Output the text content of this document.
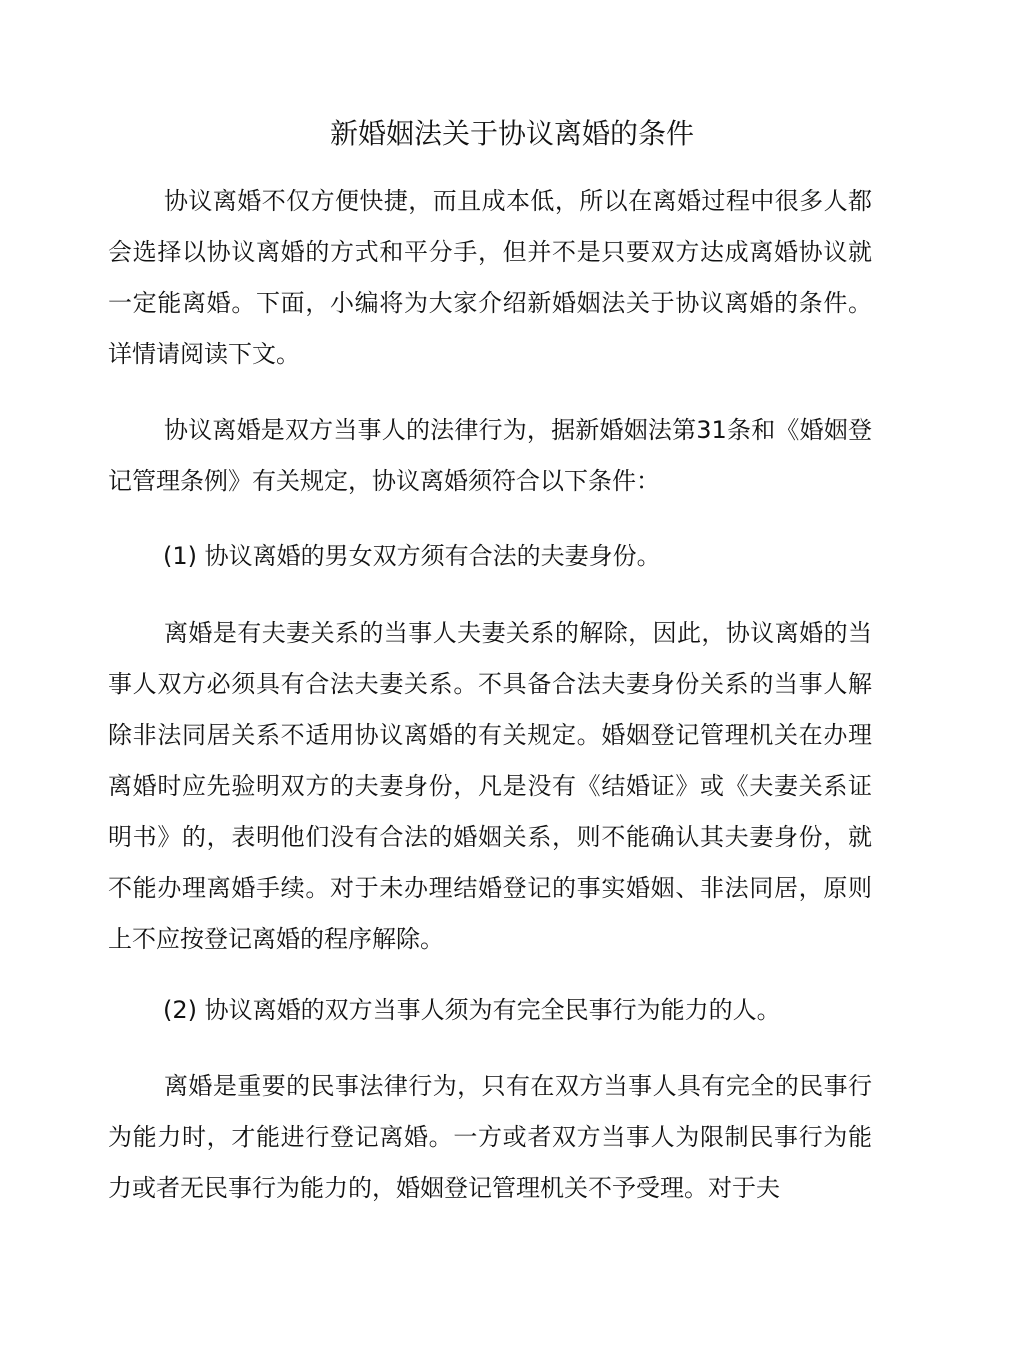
新婚姻法关于协议离婚的条件

协议离婚不仅方便快捷，而且成本低，所以在离婚过程中很多人都会选择以协议离婚的方式和平分手，但并不是只要双方达成离婚协议就一定能离婚。下面，小编将为大家介绍新婚姻法关于协议离婚的条件。详情请阅读下文。

协议离婚是双方当事人的法律行为，据新婚姻法第31条和《婚姻登记管理条例》有关规定，协议离婚须符合以下条件：

(1) 协议离婚的男女双方须有合法的夫妻身份。

离婚是有夫妻关系的当事人夫妻关系的解除，因此，协议离婚的当事人双方必须具有合法夫妻关系。不具备合法夫妻身份关系的当事人解除非法同居关系不适用协议离婚的有关规定。婚姻登记管理机关在办理离婚时应先验明双方的夫妻身份，凡是没有《结婚证》或《夫妻关系证明书》的，表明他们没有合法的婚姻关系，则不能确认其夫妻身份，就不能办理离婚手续。对于未办理结婚登记的事实婚姻、非法同居，原则上不应按登记离婚的程序解除。

(2) 协议离婚的双方当事人须为有完全民事行为能力的人。

离婚是重要的民事法律行为，只有在双方当事人具有完全的民事行为能力时，才能进行登记离婚。一方或者双方当事人为限制民事行为能力或者无民事行为能力的，婚姻登记管理机关不予受理。对于夫
